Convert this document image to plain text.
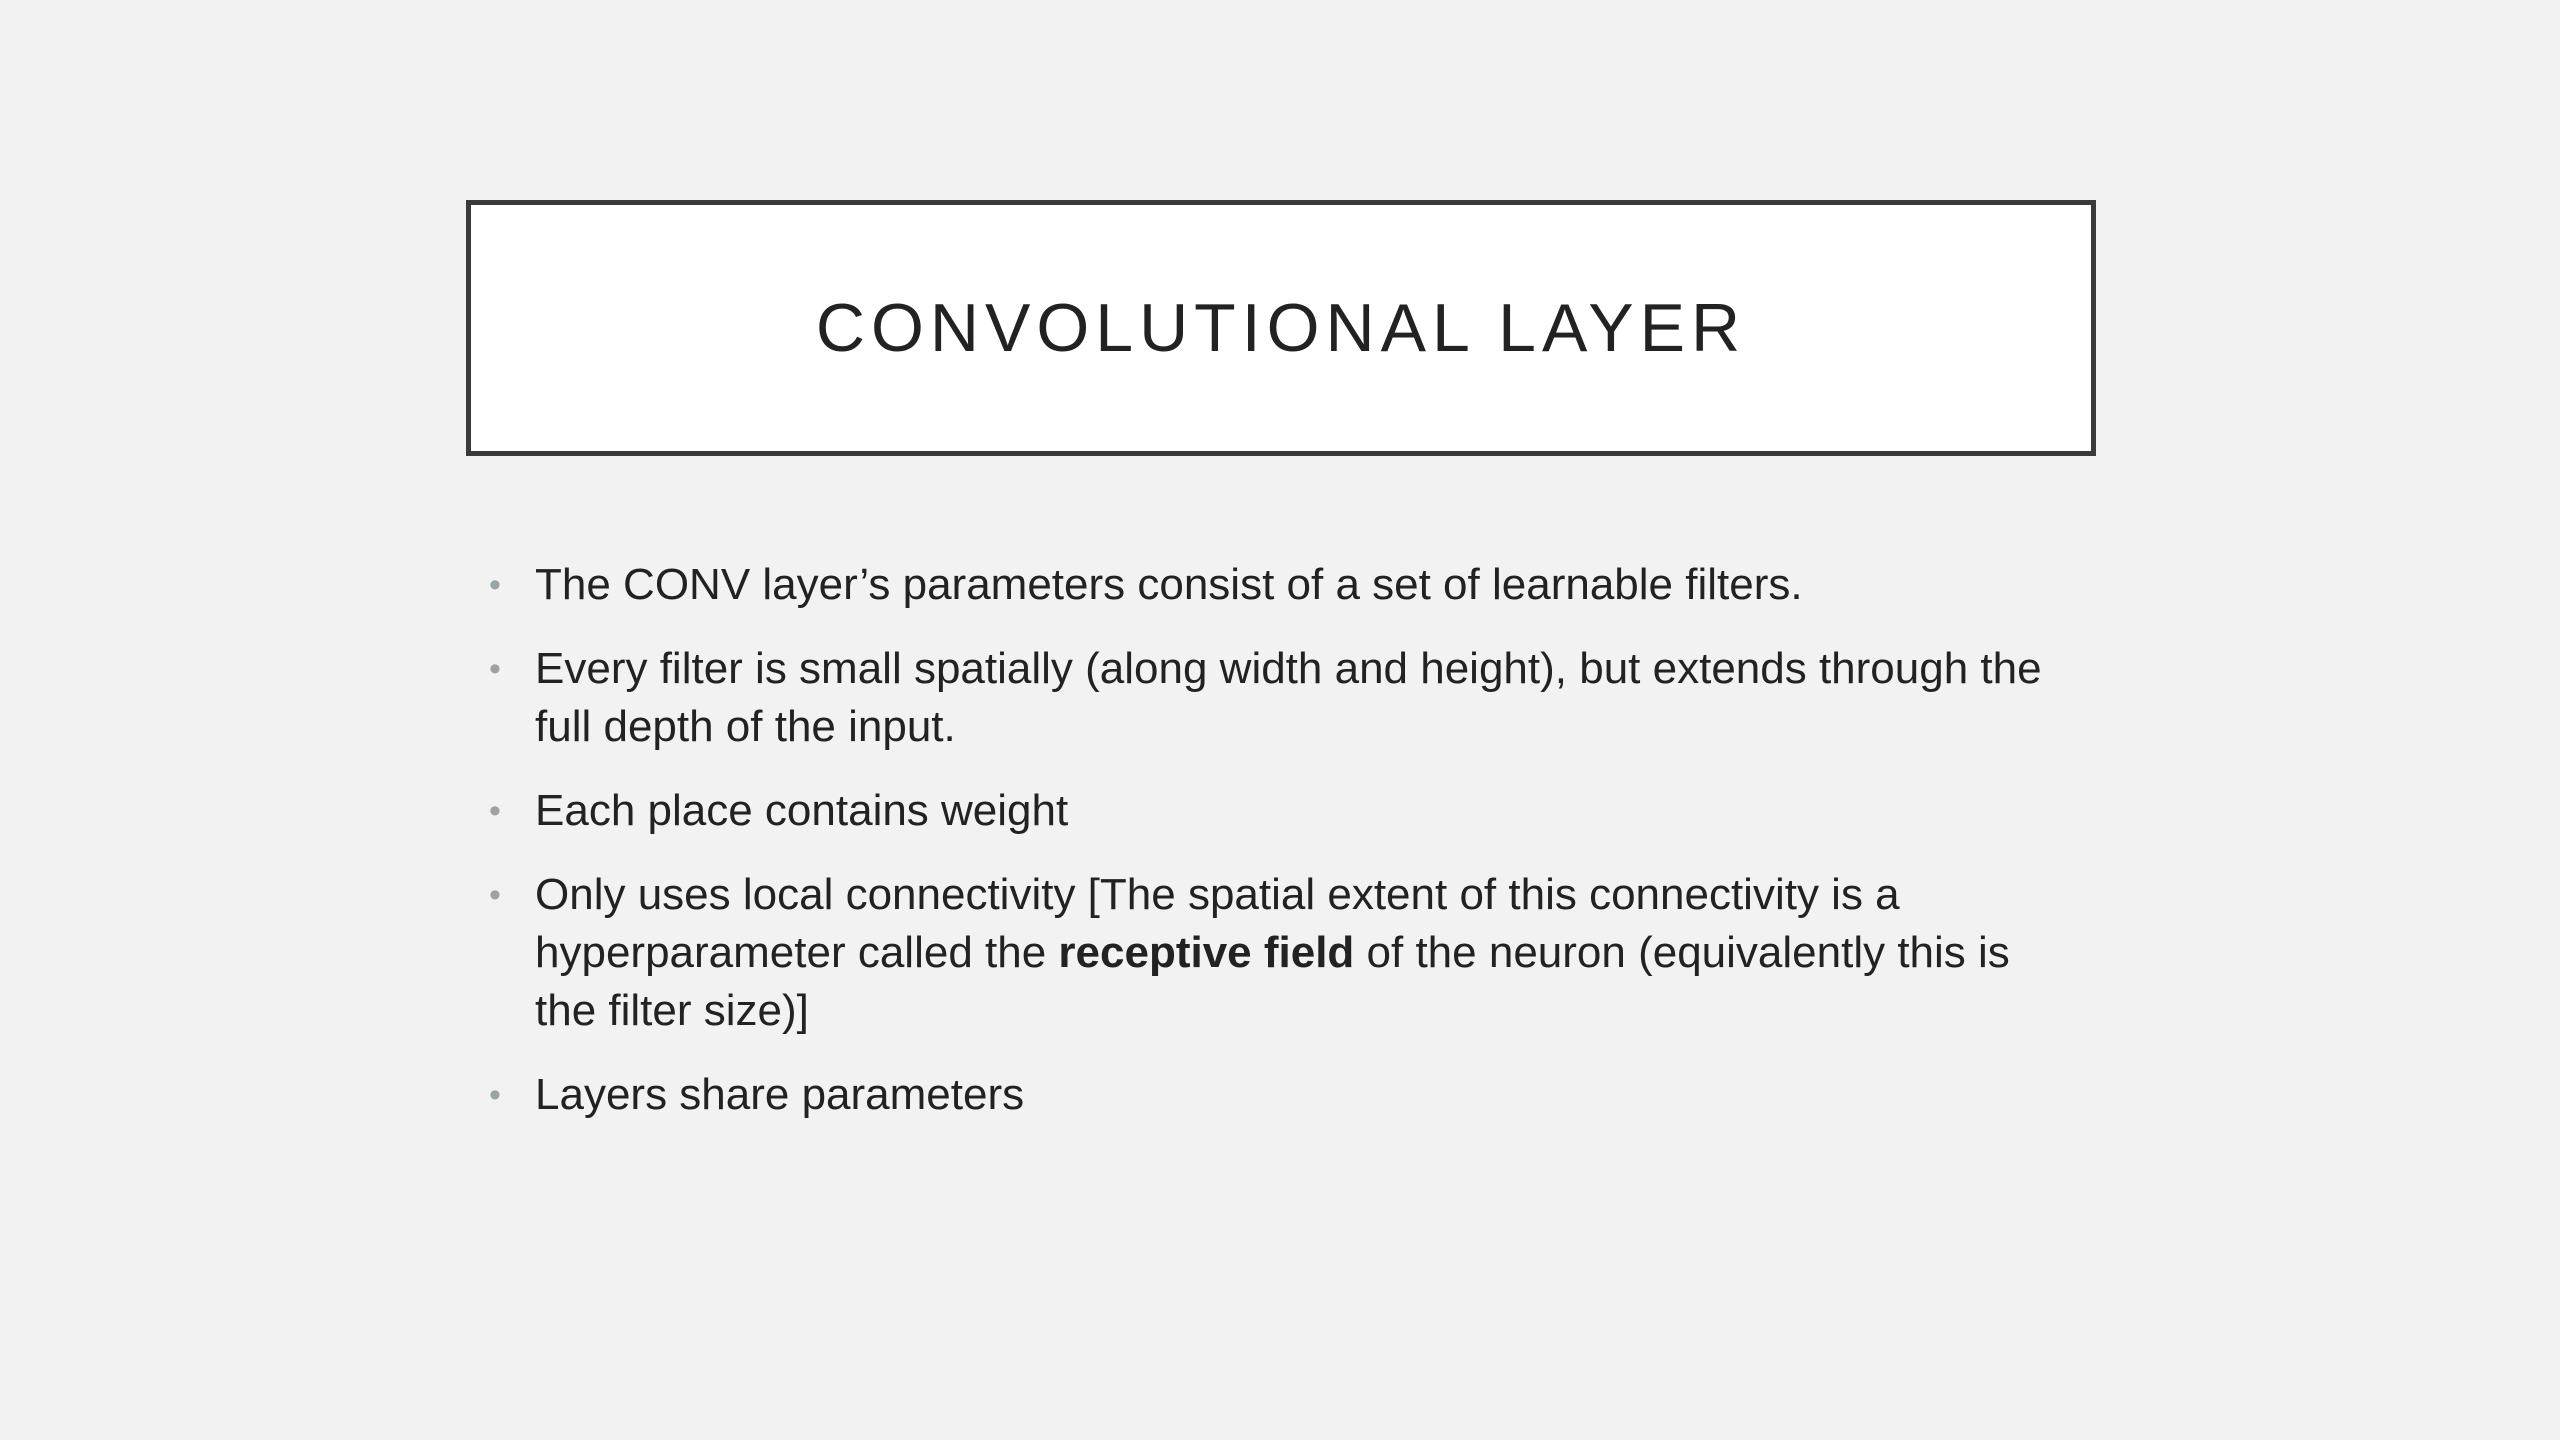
CONVOLUTIONAL LAYER
• The CONV layer’s parameters consist of a set of learnable filters.
• Every filter is small spatially (along width and height), but extends through the full depth of the input.
• Each place contains weight
• Only uses local connectivity [The spatial extent of this connectivity is a hyperparameter called the receptive field of the neuron (equivalently this is the filter size)]
• Layers share parameters
